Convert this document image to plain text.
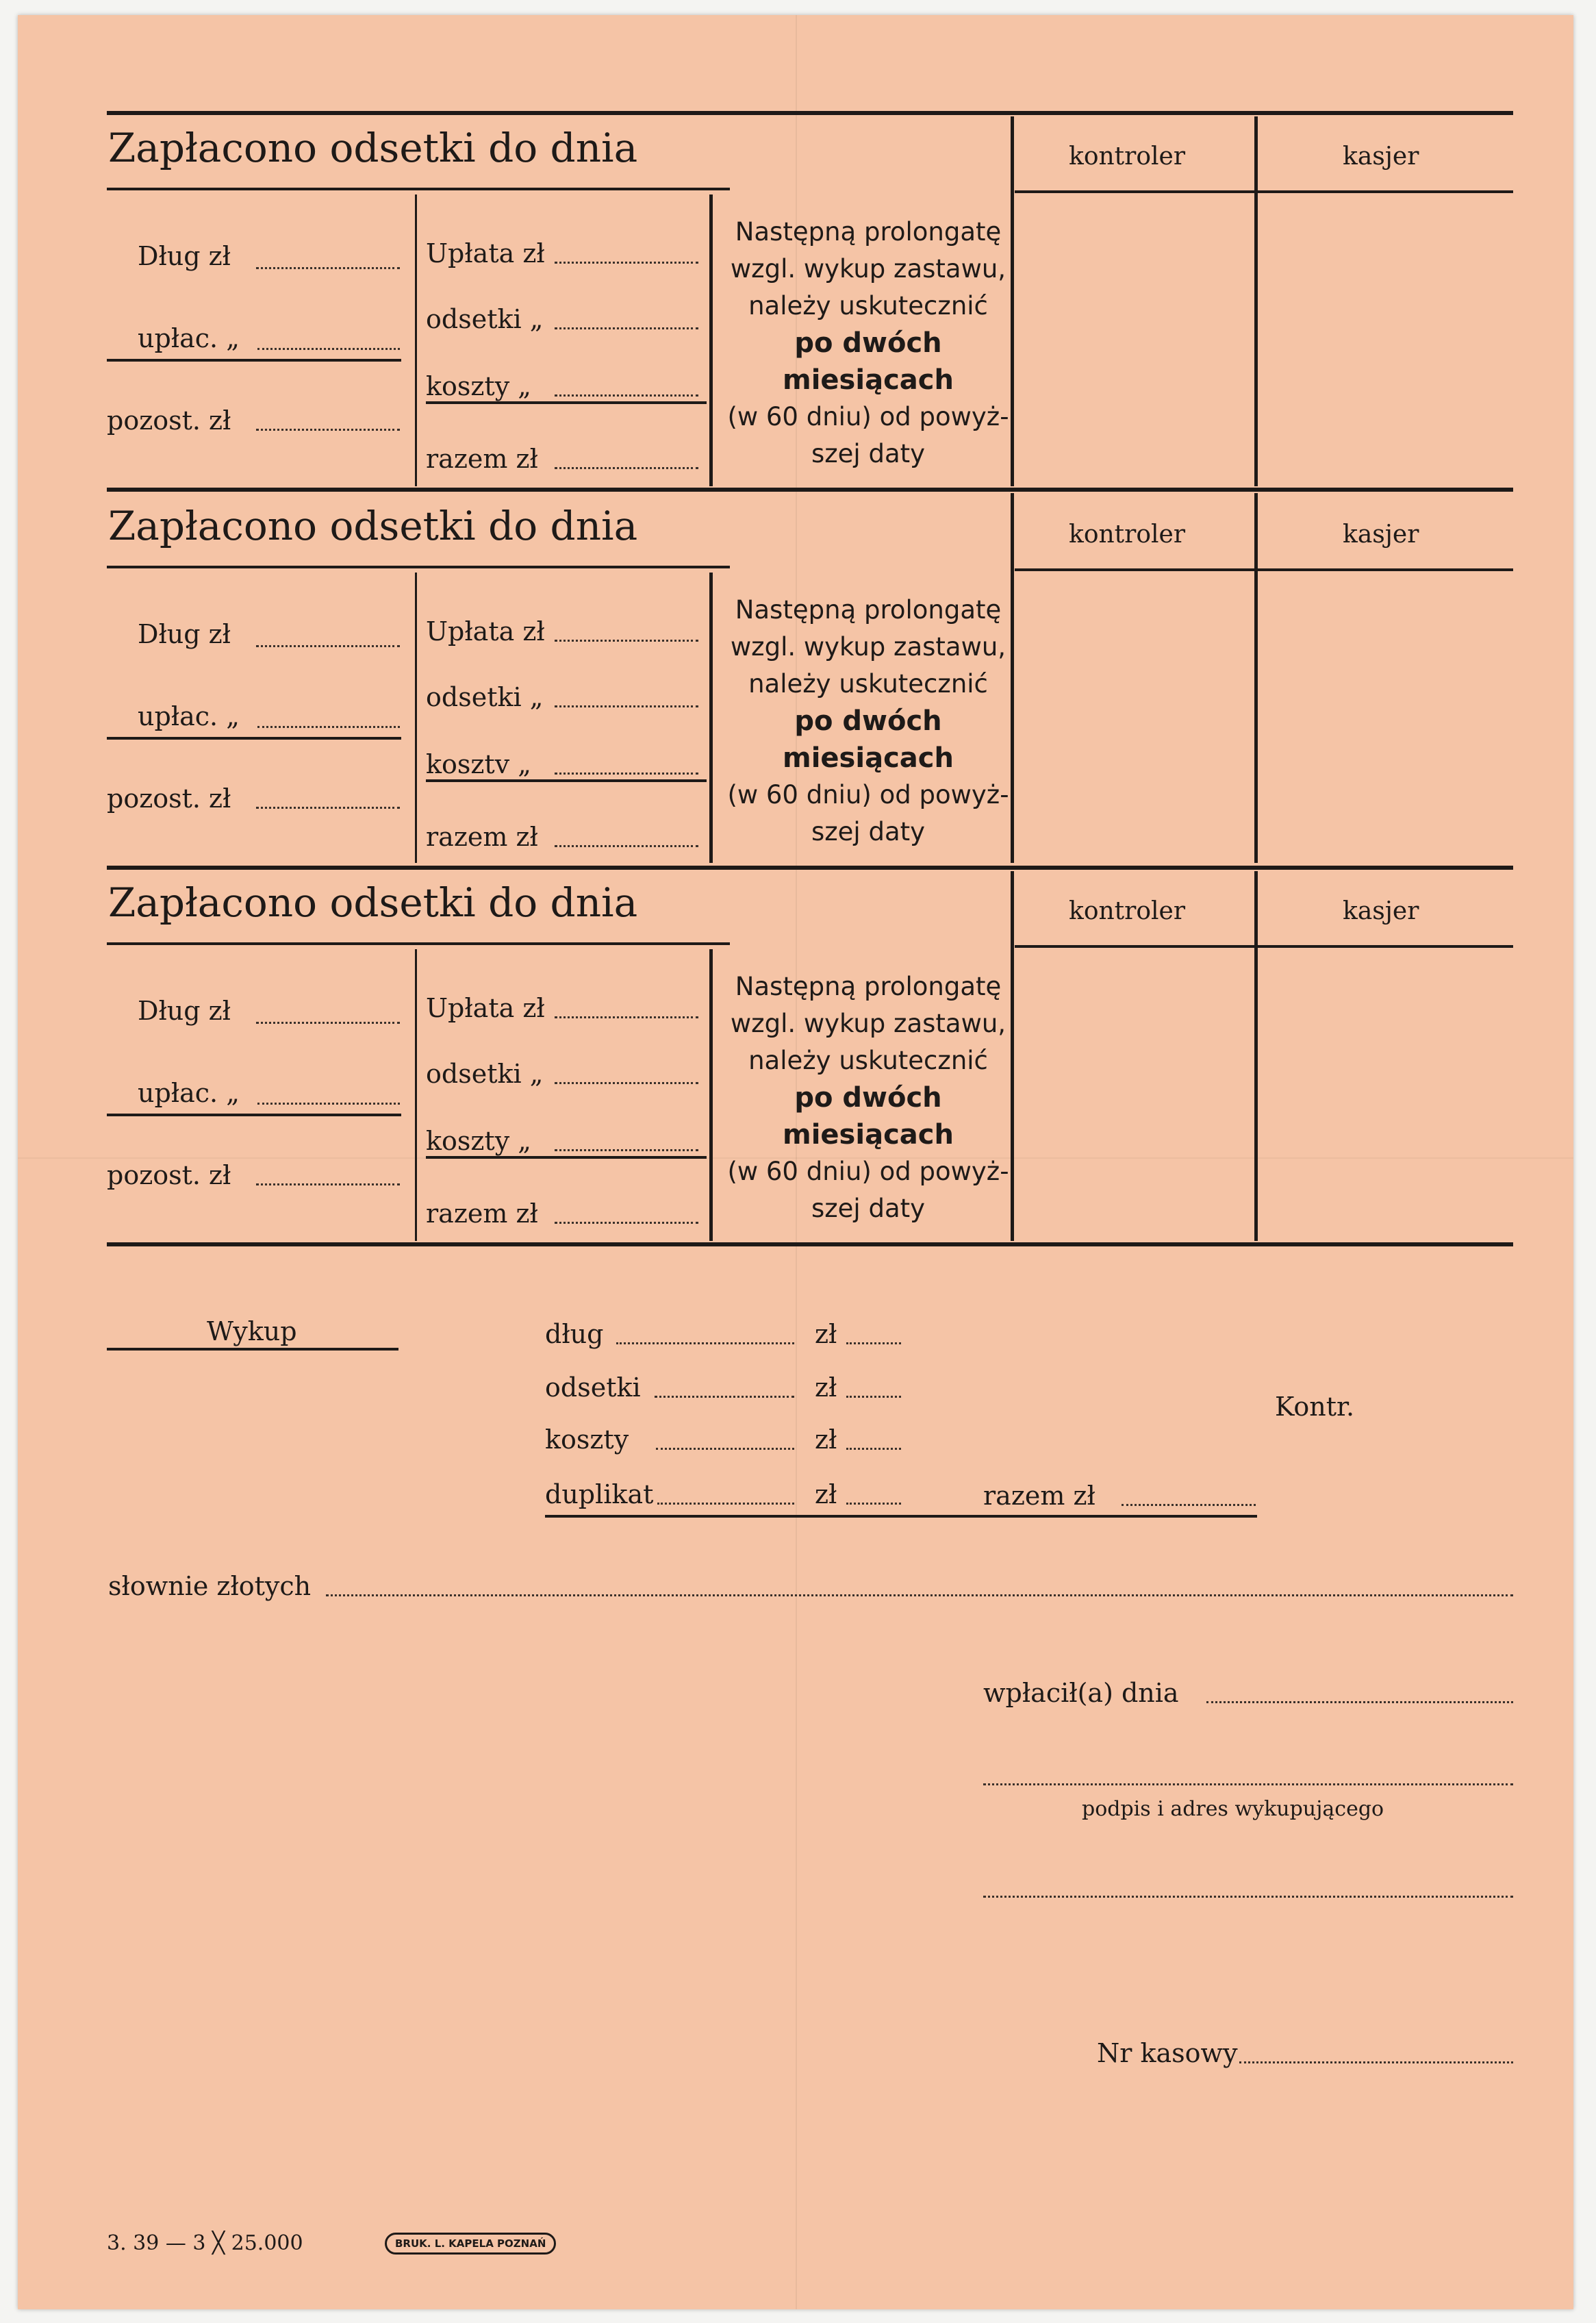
Zapłacono odsetki do dnia	kontroler	kasjer
Dług zł
upłac. „
pozost. zł
Upłata zł
odsetki „
koszty „
razem zł
Następną prolongatę
wzgl. wykup zastawu,
należy uskutecznić
po dwóch
miesiącach
(w 60 dniu) od powyż-
szej daty
Zapłacono odsetki do dnia	kontroler	kasjer
Dług zł
upłac. „
pozost. zł
Upłata zł
odsetki „
kosztv „
razem zł
Następną prolongatę
wzgl. wykup zastawu,
należy uskutecznić
po dwóch
miesiącach
(w 60 dniu) od powyż-
szej daty
Zapłacono odsetki do dnia	kontroler	kasjer
Dług zł
upłac. „
pozost. zł
Upłata zł
odsetki „
koszty „
razem zł
Następną prolongatę
wzgl. wykup zastawu,
należy uskutecznić
po dwóch
miesiącach
(w 60 dniu) od powyż-
szej daty
Wykup	dług	zł
odsetki	zł
koszty	zł
duplikat	zł	razem zł
Kontr.
słownie złotych
wpłacił(a) dnia
podpis i adres wykupującego
Nr kasowy
3. 39 — 3 ╳ 25.000	BRUK. L. KAPELA POZNAŃ
